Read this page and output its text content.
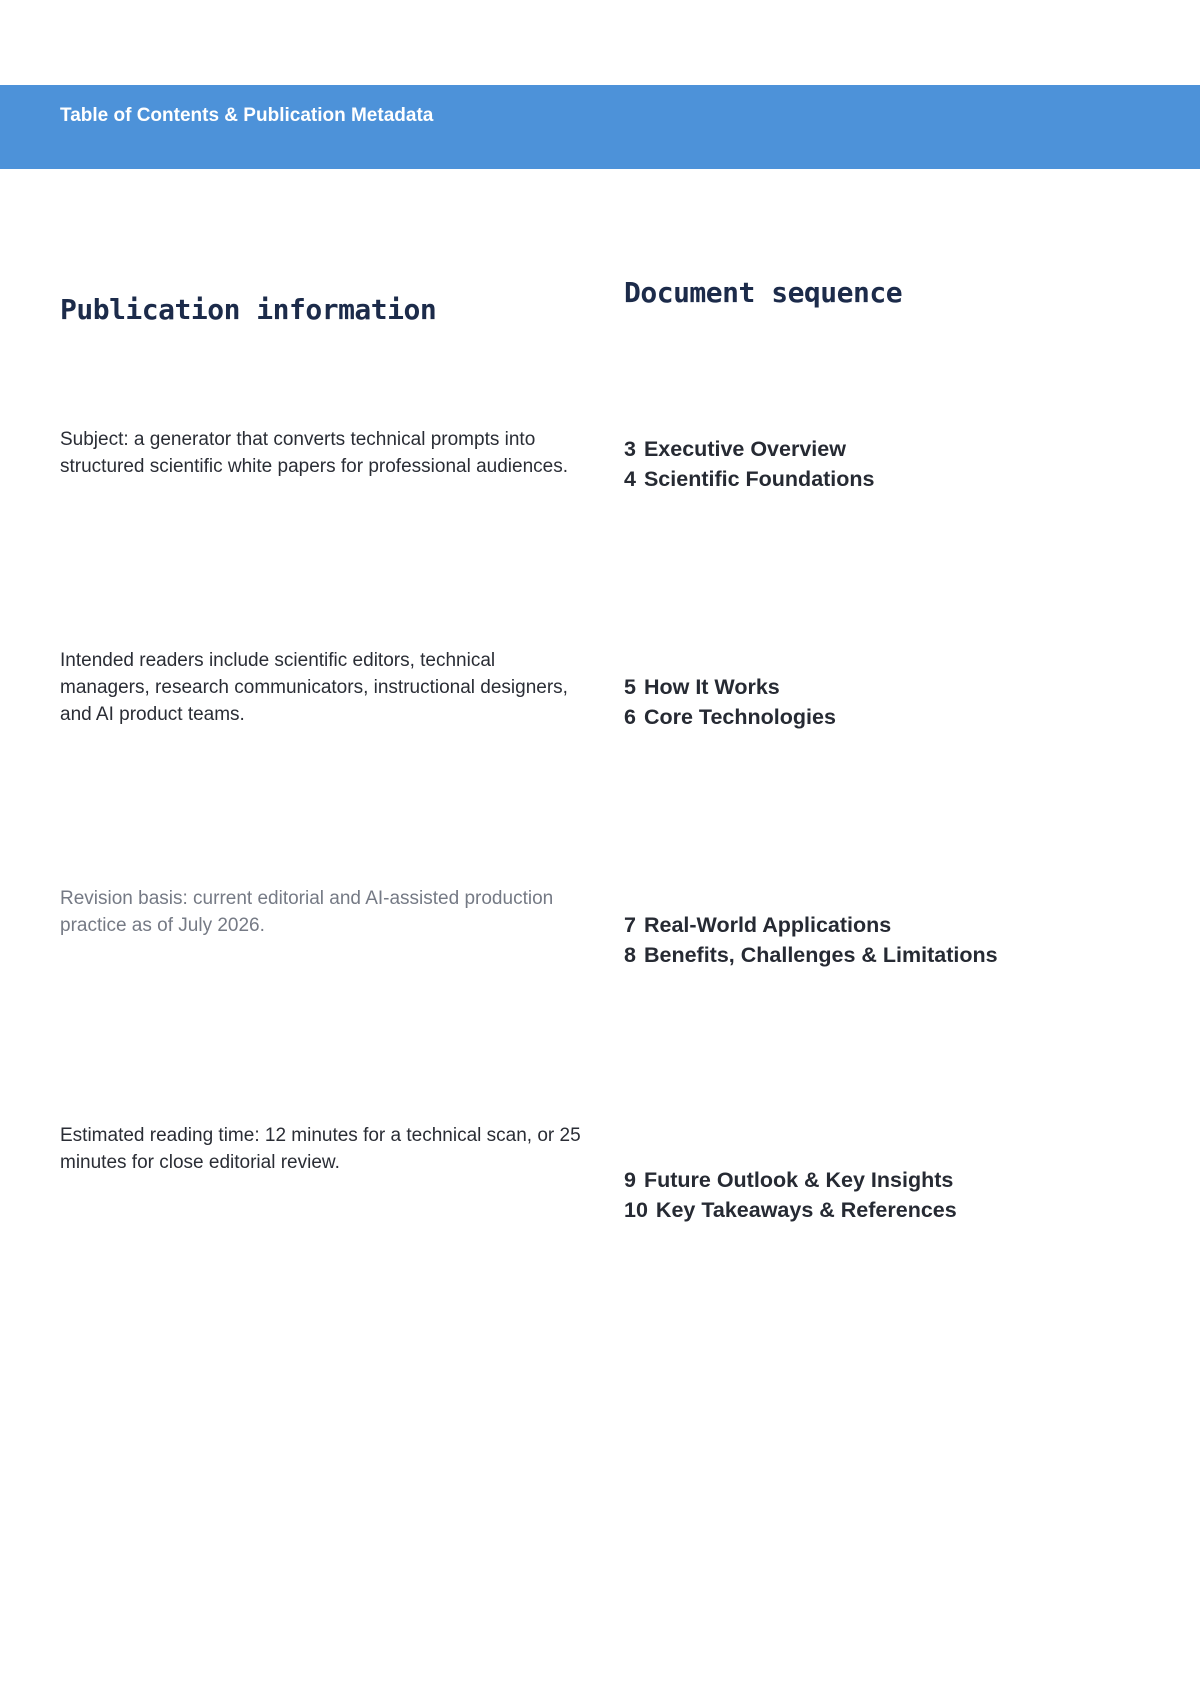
Table of Contents & Publication Metadata
Publication information
Document sequence
Subject: a generator that converts technical prompts into structured scientific white papers for professional audiences.
Intended readers include scientific editors, technical managers, research communicators, instructional designers, and AI product teams.
Revision basis: current editorial and AI-assisted production practice as of July 2026.
Estimated reading time: 12 minutes for a technical scan, or 25 minutes for close editorial review.
3 Executive Overview
4 Scientific Foundations
5 How It Works
6 Core Technologies
7 Real-World Applications
8 Benefits, Challenges & Limitations
9 Future Outlook & Key Insights
10 Key Takeaways & References
